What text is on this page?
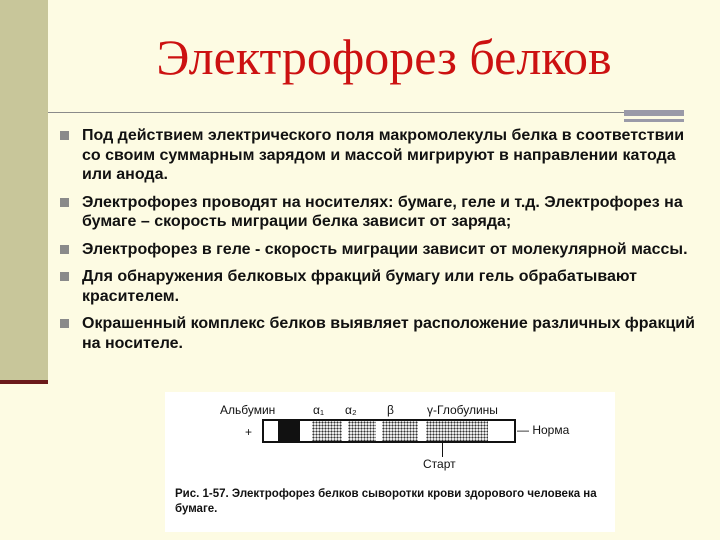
Электрофорез белков
Под действием электрического поля макромолекулы белка в соответствии со своим суммарным зарядом и массой мигрируют в направлении катода или анода.
Электрофорез проводят на носителях: бумаге, геле и т.д. Электрофорез на бумаге – скорость миграции белка зависит от заряда;
Электрофорез в геле - скорость миграции зависит от молекулярной массы.
Для обнаружения белковых фракций бумагу или гель обрабатывают красителем.
Окрашенный комплекс белков выявляет расположение различных фракций на носителе.
Альбумин	α₁ α₂	β	γ-Глобулины
+	— Норма
Старт
Рис. 1-57. Электрофорез белков сыворотки крови здорового человека на бумаге.
